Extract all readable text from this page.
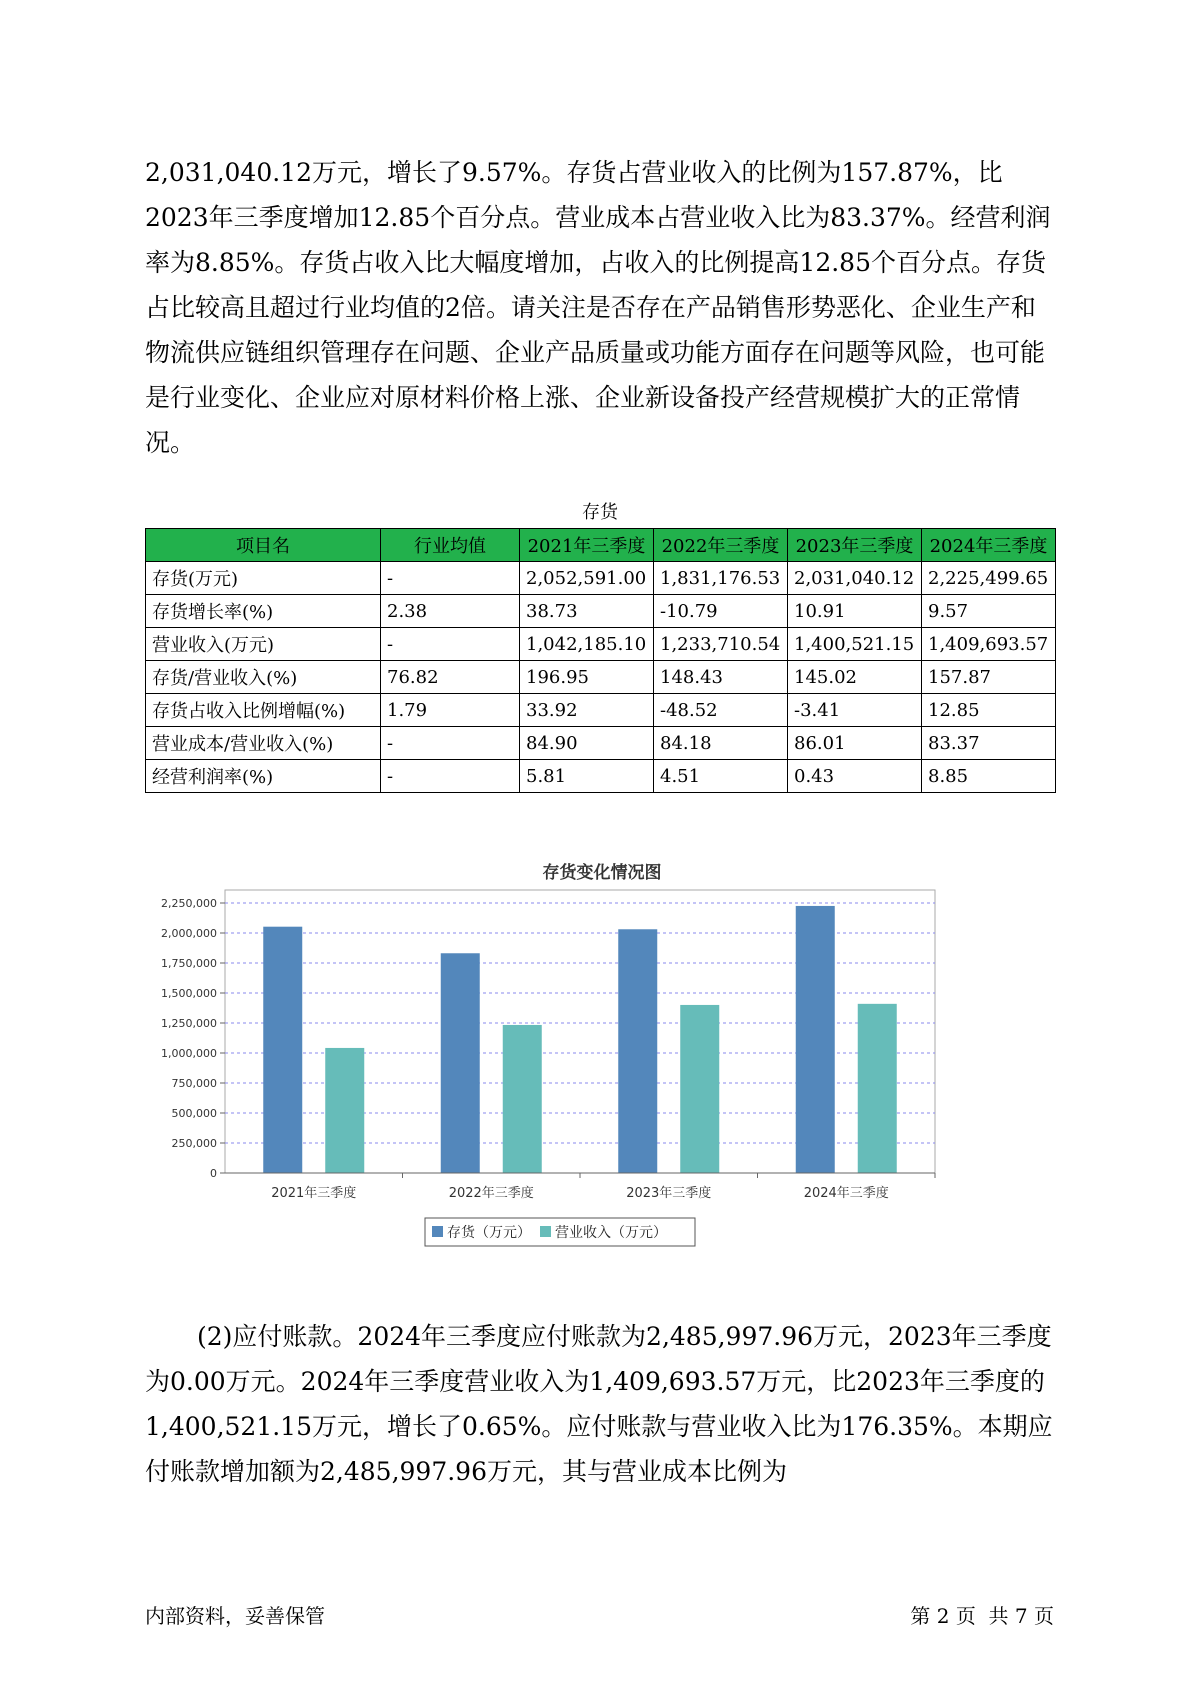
2,031,040.12万元，增长了9.57%。存货占营业收入的比例为157.87%，比2023年三季度增加12.85个百分点。营业成本占营业收入比为83.37%。经营利润率为8.85%。存货占收入比大幅度增加，占收入的比例提高12.85个百分点。存货占比较高且超过行业均值的2倍。请关注是否存在产品销售形势恶化、企业生产和物流供应链组织管理存在问题、企业产品质量或功能方面存在问题等风险，也可能是行业变化、企业应对原材料价格上涨、企业新设备投产经营规模扩大的正常情况。

存货
项目名	行业均值	2021年三季度	2022年三季度	2023年三季度	2024年三季度
存货(万元)	-	2,052,591.00	1,831,176.53	2,031,040.12	2,225,499.65
存货增长率(%)	2.38	38.73	-10.79	10.91	9.57
营业收入(万元)	-	1,042,185.10	1,233,710.54	1,400,521.15	1,409,693.57
存货/营业收入(%)	76.82	196.95	148.43	145.02	157.87
存货占收入比例增幅(%)	1.79	33.92	-48.52	-3.41	12.85
营业成本/营业收入(%)	-	84.90	84.18	86.01	83.37
经营利润率(%)	-	5.81	4.51	0.43	8.85
存货变化情况图
0
250,000
500,000
750,000
1,000,000
1,250,000
1,500,000
1,750,000
2,000,000
2,250,000
2021年三季度	2022年三季度	2023年三季度	2024年三季度
存货（万元） 营业收入（万元）

(2)应付账款。2024年三季度应付账款为2,485,997.96万元，2023年三季度为0.00万元。2024年三季度营业收入为1,409,693.57万元，比2023年三季度的1,400,521.15万元，增长了0.65%。应付账款与营业收入比为176.35%。本期应付账款增加额为2,485,997.96万元，其与营业成本比例为

内部资料，妥善保管	第 2 页  共 7 页
